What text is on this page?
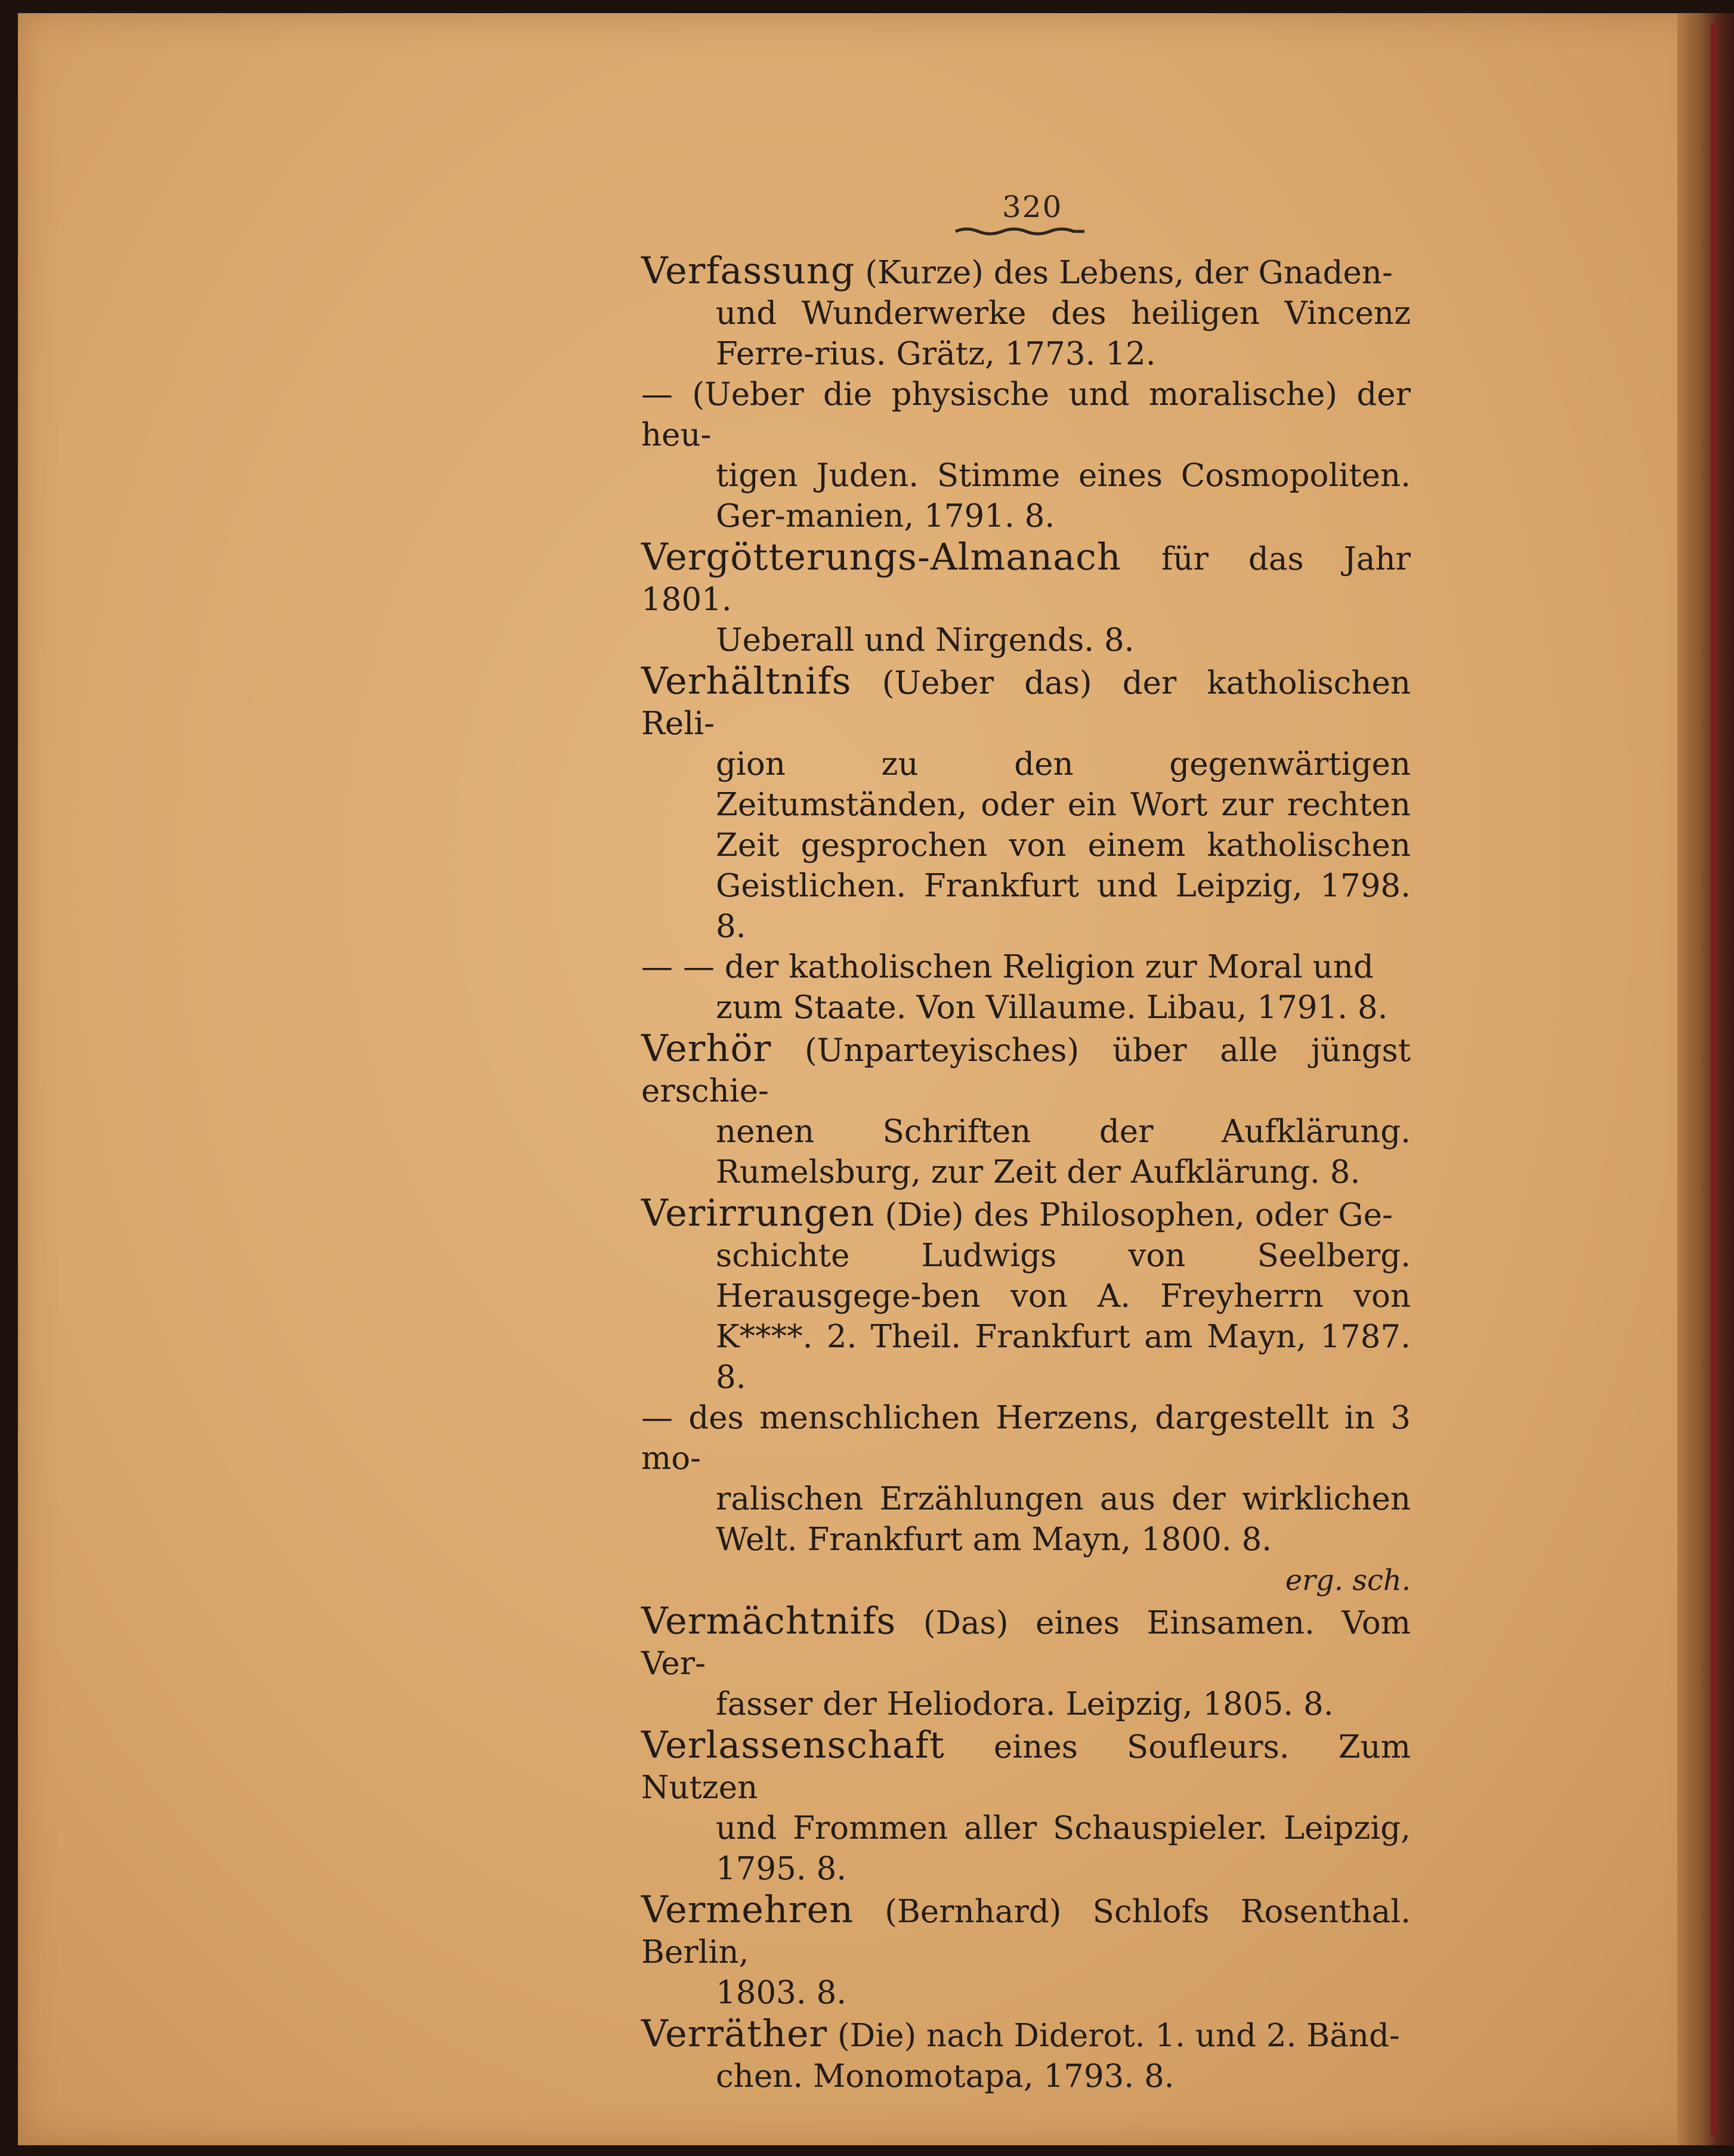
320
Verfassung (Kurze) des Lebens, der Gnaden-
und Wunderwerke des heiligen Vincenz Ferre-rius. Grätz, 1773. 12.
— (Ueber die physische und moralische) der heu-
tigen Juden. Stimme eines Cosmopoliten. Ger-manien, 1791. 8.
Vergötterungs-Almanach für das Jahr 1801.
Ueberall und Nirgends. 8.
Verhältnifs (Ueber das) der katholischen Reli-
gion zu den gegenwärtigen Zeitumständen, oder ein Wort zur rechten Zeit gesprochen von einem katholischen Geistlichen. Frankfurt und Leipzig, 1798. 8.
— — der katholischen Religion zur Moral und
zum Staate. Von Villaume. Libau, 1791. 8.
Verhör (Unparteyisches) über alle jüngst erschie-
nenen Schriften der Aufklärung. Rumelsburg, zur Zeit der Aufklärung. 8.
Verirrungen (Die) des Philosophen, oder Ge-
schichte Ludwigs von Seelberg. Herausgege-ben von A. Freyherrn von K****. 2. Theil. Frankfurt am Mayn, 1787. 8.
— des menschlichen Herzens, dargestellt in 3 mo-
ralischen Erzählungen aus der wirklichen Welt. Frankfurt am Mayn, 1800. 8.
erg. sch.
Vermächtnifs (Das) eines Einsamen. Vom Ver-
fasser der Heliodora. Leipzig, 1805. 8.
Verlassenschaft eines Soufleurs. Zum Nutzen
und Frommen aller Schauspieler. Leipzig, 1795. 8.
Vermehren (Bernhard) Schlofs Rosenthal. Berlin,
1803. 8.
Verräther (Die) nach Diderot. 1. und 2. Bänd-
chen. Monomotapa, 1793. 8.
